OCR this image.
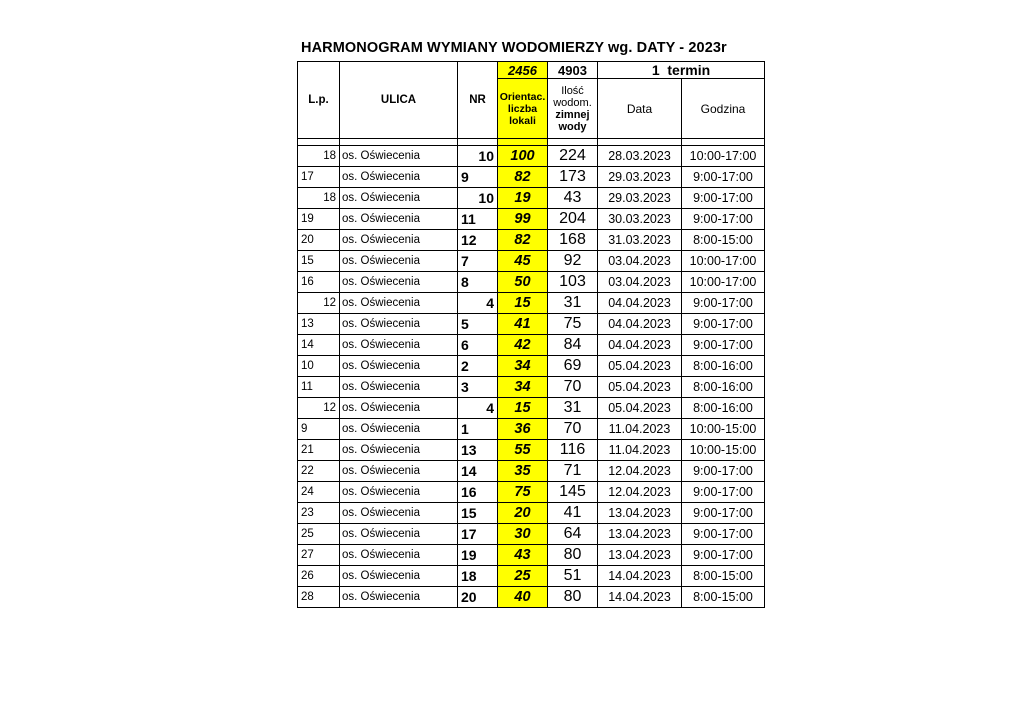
HARMONOGRAM WYMIANY WODOMIERZY wg. DATY - 2023r
L.p.	ULICA	NR	2456	4903	1  termin	
			Orientac.
liczba
lokali	Ilość
wodom.
zimnej
wody	Data	Godzina

18	os. Oświecenia	10	100	224	28.03.2023	10:00-17:00
17	os. Oświecenia	9	82	173	29.03.2023	9:00-17:00
18	os. Oświecenia	10	19	43	29.03.2023	9:00-17:00
19	os. Oświecenia	11	99	204	30.03.2023	9:00-17:00
20	os. Oświecenia	12	82	168	31.03.2023	8:00-15:00
15	os. Oświecenia	7	45	92	03.04.2023	10:00-17:00
16	os. Oświecenia	8	50	103	03.04.2023	10:00-17:00
12	os. Oświecenia	4	15	31	04.04.2023	9:00-17:00
13	os. Oświecenia	5	41	75	04.04.2023	9:00-17:00
14	os. Oświecenia	6	42	84	04.04.2023	9:00-17:00
10	os. Oświecenia	2	34	69	05.04.2023	8:00-16:00
11	os. Oświecenia	3	34	70	05.04.2023	8:00-16:00
12	os. Oświecenia	4	15	31	05.04.2023	8:00-16:00
9	os. Oświecenia	1	36	70	11.04.2023	10:00-15:00
21	os. Oświecenia	13	55	116	11.04.2023	10:00-15:00
22	os. Oświecenia	14	35	71	12.04.2023	9:00-17:00
24	os. Oświecenia	16	75	145	12.04.2023	9:00-17:00
23	os. Oświecenia	15	20	41	13.04.2023	9:00-17:00
25	os. Oświecenia	17	30	64	13.04.2023	9:00-17:00
27	os. Oświecenia	19	43	80	13.04.2023	9:00-17:00
26	os. Oświecenia	18	25	51	14.04.2023	8:00-15:00
28	os. Oświecenia	20	40	80	14.04.2023	8:00-15:00
